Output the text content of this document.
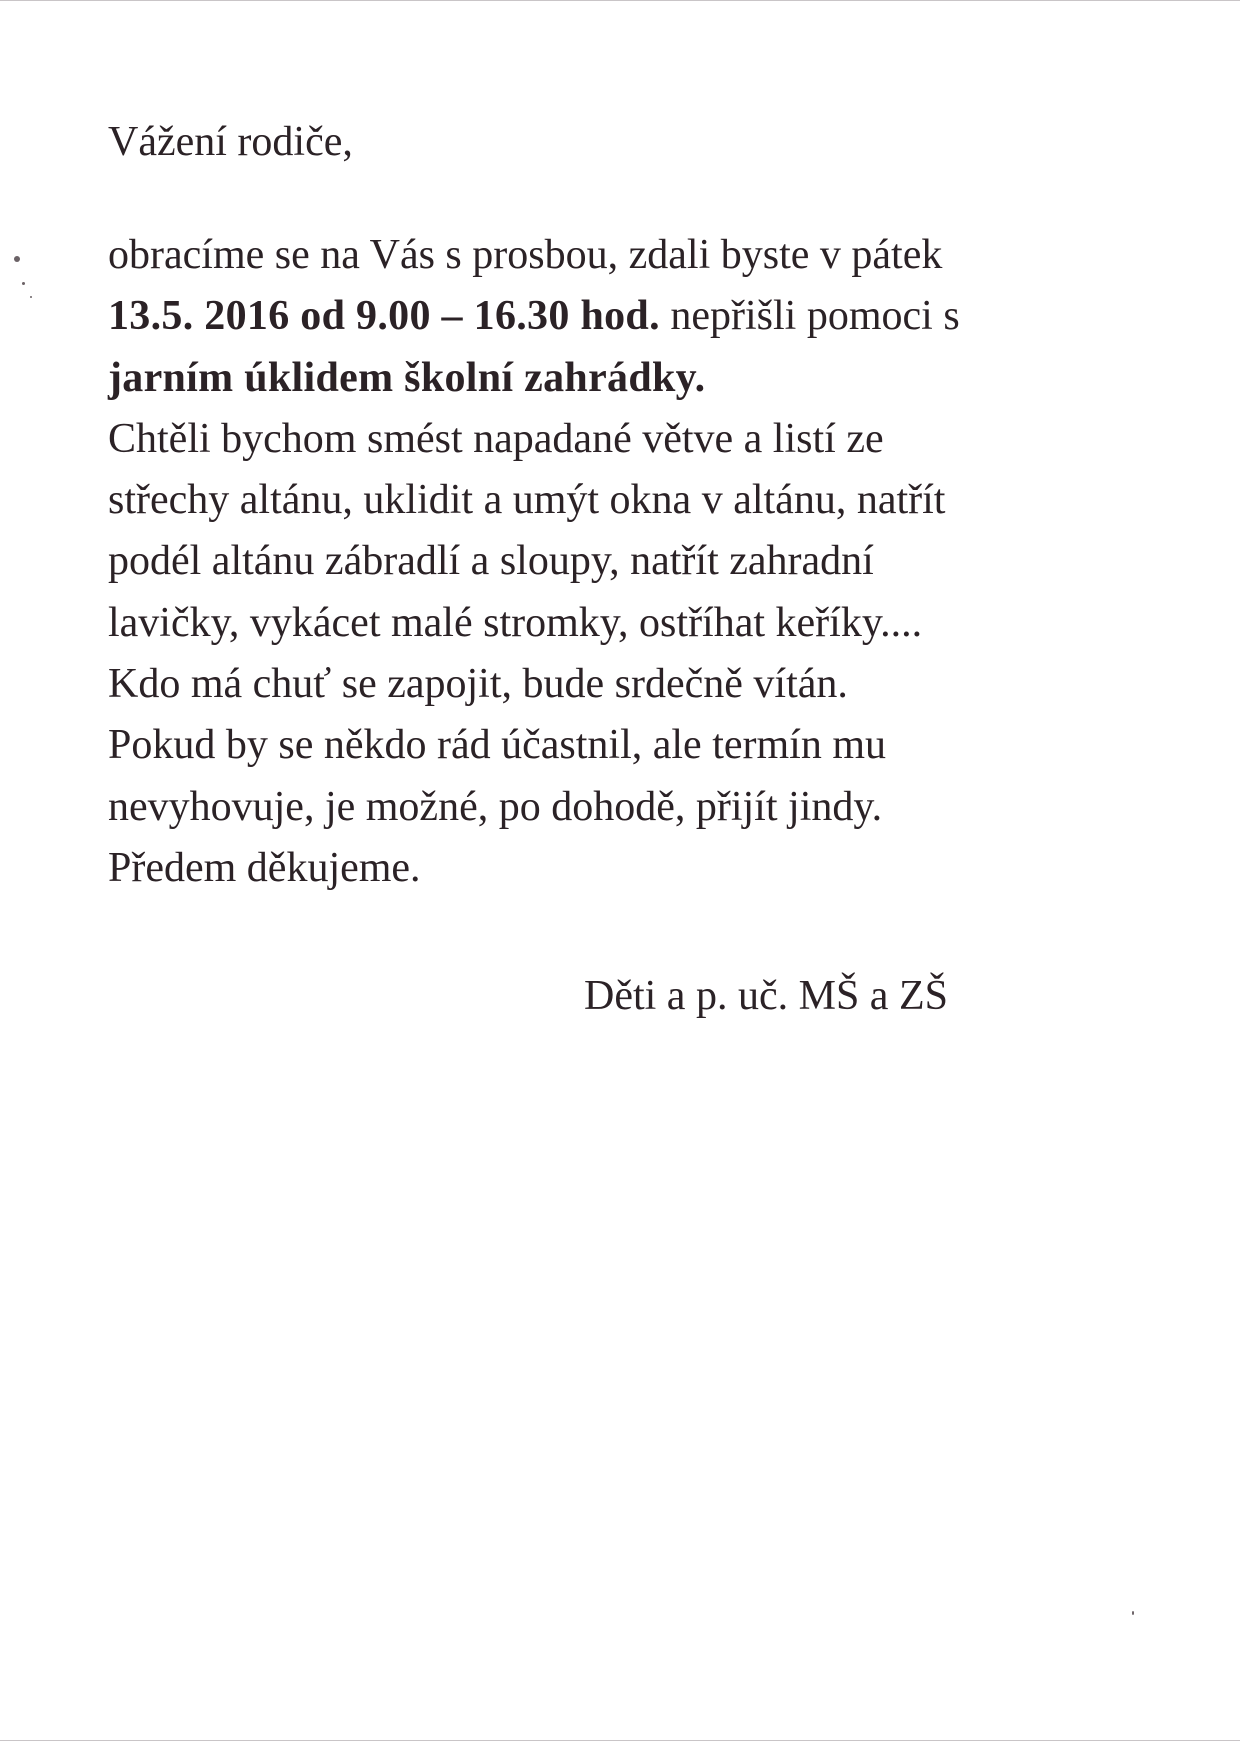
Vážení rodiče,

obracíme se na Vás s prosbou, zdali byste v pátek
13.5. 2016 od 9.00 – 16.30 hod. nepřišli pomoci s
jarním úklidem školní zahrádky.
Chtěli bychom smést napadané větve a listí ze
střechy altánu, uklidit a umýt okna v altánu, natřít
podél altánu zábradlí a sloupy, natřít zahradní
lavičky, vykácet malé stromky, ostříhat keříky....
Kdo má chuť se zapojit, bude srdečně vítán.
Pokud by se někdo rád účastnil, ale termín mu
nevyhovuje, je možné, po dohodě, přijít jindy.
Předem děkujeme.

Děti a p. uč. MŠ a ZŠ
